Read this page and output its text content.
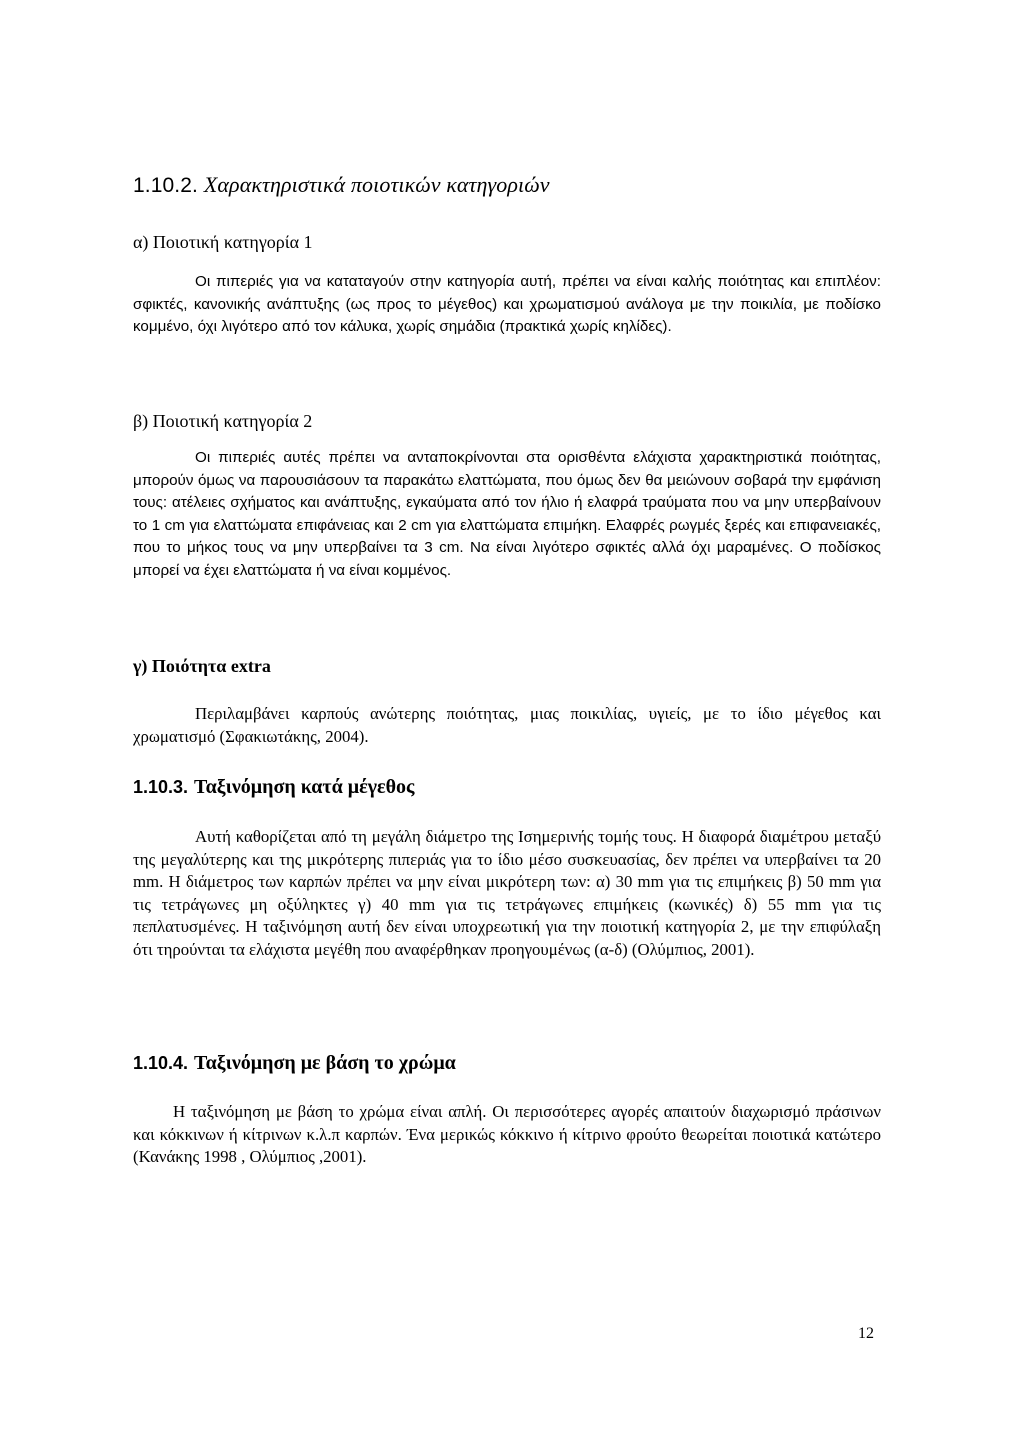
1.10.2. Χαρακτηριστικά ποιοτικών κατηγοριών
α) Ποιοτική κατηγορία 1
Οι πιπεριές για να καταταγούν στην κατηγορία αυτή, πρέπει να είναι καλής ποιότητας και επιπλέον: σφικτές, κανονικής ανάπτυξης (ως προς το μέγεθος) και χρωματισμού ανάλογα με την ποικιλία, με ποδίσκο κομμένο, όχι λιγότερο από τον κάλυκα, χωρίς σημάδια (πρακτικά χωρίς κηλίδες).
β) Ποιοτική κατηγορία 2
Οι πιπεριές αυτές πρέπει να ανταποκρίνονται στα ορισθέντα ελάχιστα χαρακτηριστικά ποιότητας, μπορούν όμως να παρουσιάσουν τα παρακάτω ελαττώματα, που όμως δεν θα μειώνουν σοβαρά την εμφάνιση τους: ατέλειες σχήματος και ανάπτυξης, εγκαύματα από τον ήλιο ή ελαφρά τραύματα που να μην υπερβαίνουν το 1 cm για ελαττώματα επιφάνειας και 2 cm για ελαττώματα επιμήκη. Ελαφρές ρωγμές ξερές και επιφανειακές, που το μήκος τους να μην υπερβαίνει τα 3 cm. Να είναι λιγότερο σφικτές αλλά όχι μαραμένες. Ο ποδίσκος μπορεί να έχει ελαττώματα ή να είναι κομμένος.
γ) Ποιότητα extra
Περιλαμβάνει καρπούς ανώτερης ποιότητας, μιας ποικιλίας, υγιείς, με το ίδιο μέγεθος και χρωματισμό (Σφακιωτάκης, 2004).
1.10.3. Ταξινόμηση κατά μέγεθος
Αυτή καθορίζεται από τη μεγάλη διάμετρο της Ισημερινής τομής τους. Η διαφορά διαμέτρου μεταξύ της μεγαλύτερης και της μικρότερης πιπεριάς για το ίδιο μέσο συσκευασίας, δεν πρέπει να υπερβαίνει τα 20 mm. Η διάμετρος των καρπών πρέπει να μην είναι μικρότερη των: α) 30 mm για τις επιμήκεις β) 50 mm για τις τετράγωνες μη οξύληκτες γ) 40 mm για τις τετράγωνες επιμήκεις (κωνικές) δ) 55 mm για τις πεπλατυσμένες. Η ταξινόμηση αυτή δεν είναι υποχρεωτική για την ποιοτική κατηγορία 2, με την επιφύλαξη ότι τηρούνται τα ελάχιστα μεγέθη που αναφέρθηκαν προηγουμένως (α-δ) (Ολύμπιος, 2001).
1.10.4. Ταξινόμηση με βάση το χρώμα
Η ταξινόμηση με βάση το χρώμα είναι απλή. Οι περισσότερες αγορές απαιτούν διαχωρισμό πράσινων και κόκκινων ή κίτρινων κ.λ.π καρπών. Ένα μερικώς κόκκινο ή κίτρινο φρούτο θεωρείται ποιοτικά κατώτερο (Κανάκης 1998 , Ολύμπιος ,2001).
12
